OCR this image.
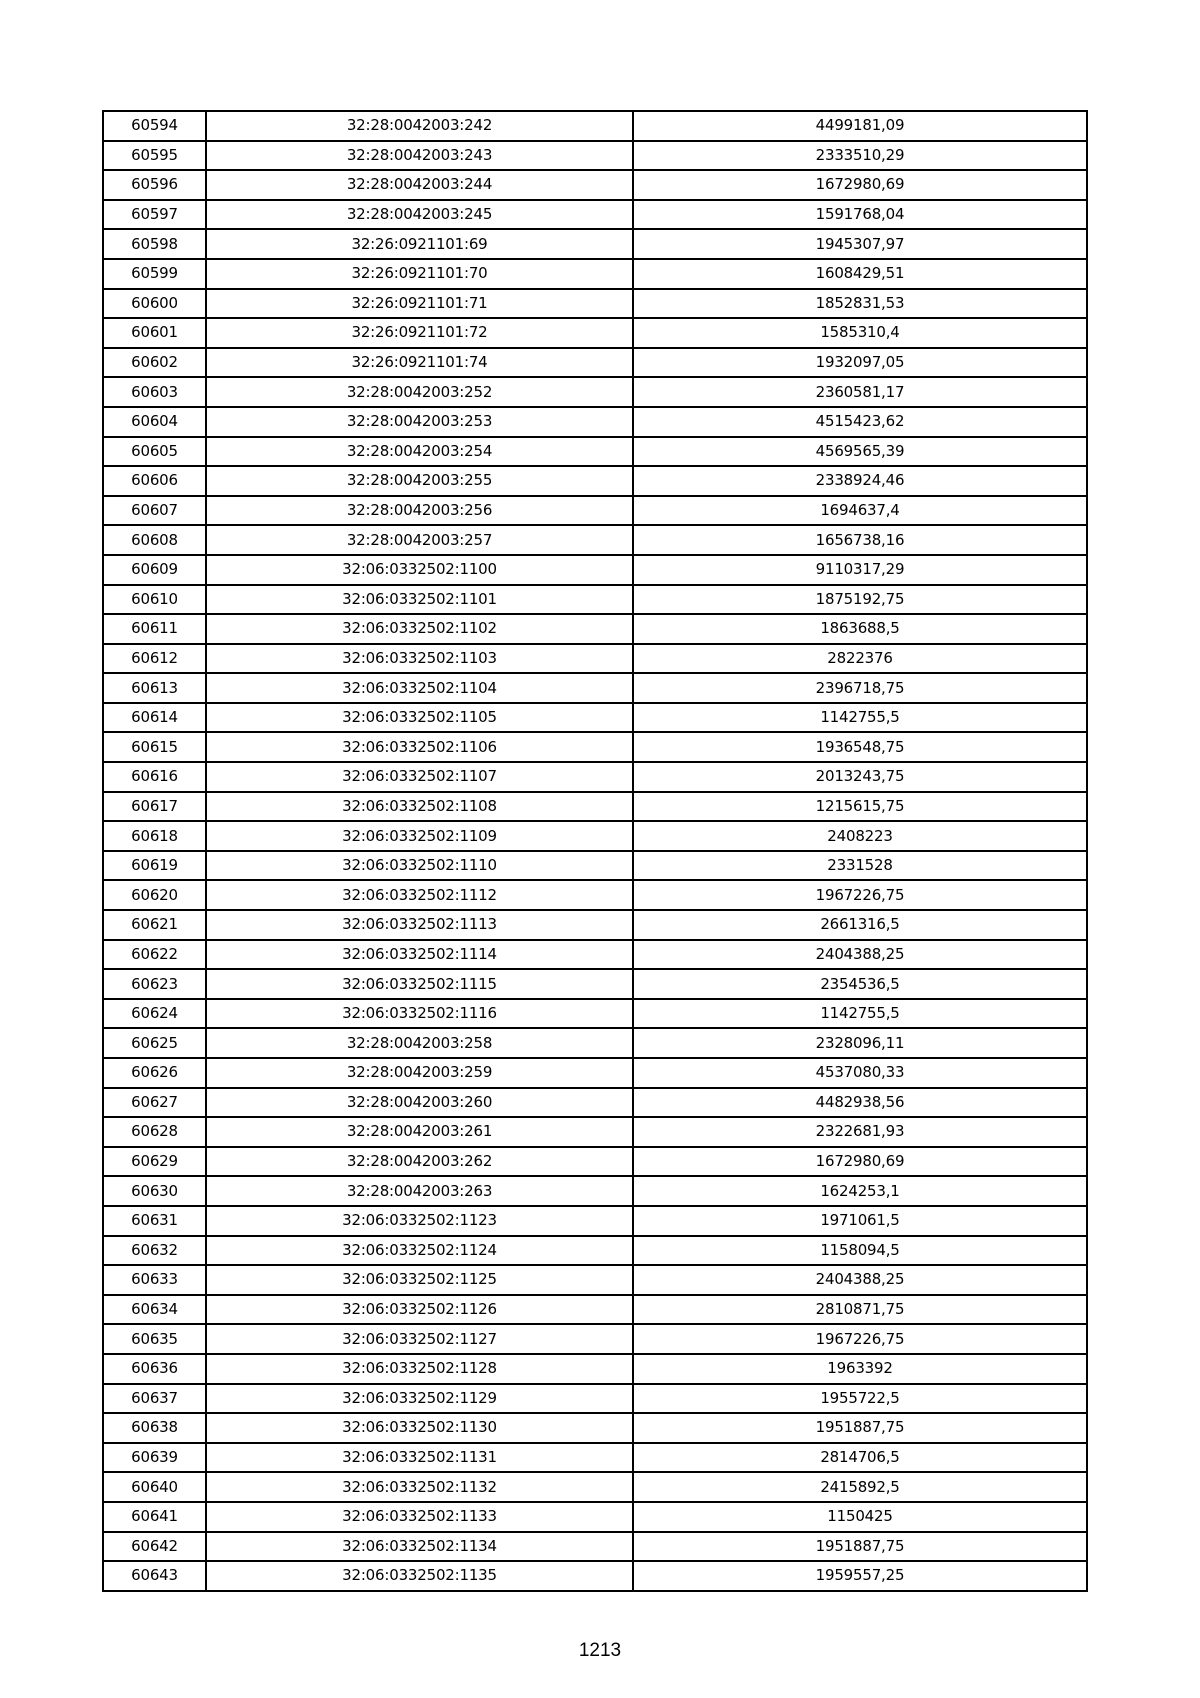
60594	32:28:0042003:242	4499181,09
60595	32:28:0042003:243	2333510,29
60596	32:28:0042003:244	1672980,69
60597	32:28:0042003:245	1591768,04
60598	32:26:0921101:69	1945307,97
60599	32:26:0921101:70	1608429,51
60600	32:26:0921101:71	1852831,53
60601	32:26:0921101:72	1585310,4
60602	32:26:0921101:74	1932097,05
60603	32:28:0042003:252	2360581,17
60604	32:28:0042003:253	4515423,62
60605	32:28:0042003:254	4569565,39
60606	32:28:0042003:255	2338924,46
60607	32:28:0042003:256	1694637,4
60608	32:28:0042003:257	1656738,16
60609	32:06:0332502:1100	9110317,29
60610	32:06:0332502:1101	1875192,75
60611	32:06:0332502:1102	1863688,5
60612	32:06:0332502:1103	2822376
60613	32:06:0332502:1104	2396718,75
60614	32:06:0332502:1105	1142755,5
60615	32:06:0332502:1106	1936548,75
60616	32:06:0332502:1107	2013243,75
60617	32:06:0332502:1108	1215615,75
60618	32:06:0332502:1109	2408223
60619	32:06:0332502:1110	2331528
60620	32:06:0332502:1112	1967226,75
60621	32:06:0332502:1113	2661316,5
60622	32:06:0332502:1114	2404388,25
60623	32:06:0332502:1115	2354536,5
60624	32:06:0332502:1116	1142755,5
60625	32:28:0042003:258	2328096,11
60626	32:28:0042003:259	4537080,33
60627	32:28:0042003:260	4482938,56
60628	32:28:0042003:261	2322681,93
60629	32:28:0042003:262	1672980,69
60630	32:28:0042003:263	1624253,1
60631	32:06:0332502:1123	1971061,5
60632	32:06:0332502:1124	1158094,5
60633	32:06:0332502:1125	2404388,25
60634	32:06:0332502:1126	2810871,75
60635	32:06:0332502:1127	1967226,75
60636	32:06:0332502:1128	1963392
60637	32:06:0332502:1129	1955722,5
60638	32:06:0332502:1130	1951887,75
60639	32:06:0332502:1131	2814706,5
60640	32:06:0332502:1132	2415892,5
60641	32:06:0332502:1133	1150425
60642	32:06:0332502:1134	1951887,75
60643	32:06:0332502:1135	1959557,25
1213
